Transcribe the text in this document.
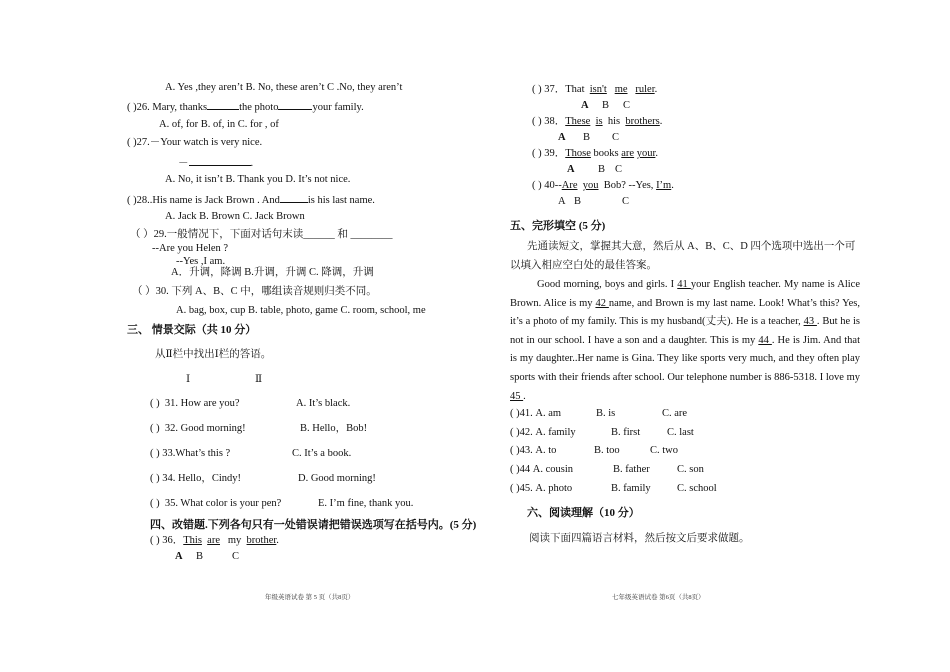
A. Yes ,they aren’t B. No, these aren’t C .No, they aren’t
( )26. Mary, thanks	the photo	your family.
A. of, for B. of, in C. for , of
( )27.－Your watch is very nice.
－	.
A. No, it isn’t B. Thank you D. It’s not nice.
( )28..His name is Jack Brown . And	is his last name.
A. Jack B. Brown C. Jack Brown
（ ）29.一般情况下，下面对话句末读______ 和 ________
--Are you Helen ?
--Yes ,I am.
A．升调，降调 B.升调，升调 C. 降调，升调
（ ）30. 下列 A、B、C 中，哪组读音规则归类不同。
A. bag, box, cup B. table, photo, game C. room, school, me
三、 情景交际（共 10 分）
从Ⅱ栏中找出Ⅰ栏的答语。
Ⅰ	Ⅱ
( ) 31. How are you?	A. It’s black.
( ) 32. Good morning!	B. Hello，Bob!
( ) 33.What’s this ?	C. It’s a book.
( ) 34. Hello，Cindy!	D. Good morning!
( ) 35. What color is your pen?	E. I’m fine, thank you.
四、改错题.下列各句只有一处错误请把错误选项写在括号内。(5 分)
( ) 36．This are my brother.
A B	C
年级英语试卷 第 5 页（共8页）
( ) 37．That isn't me ruler.
A B C
( ) 38．These is his brothers.
A B C
( ) 39．Those books are your.
A B C
( ) 40--Are you Bob? --Yes, I’m.
A B	C
五、完形填空 (5 分)
先通读短文，掌握其大意，然后从 A、B、C、D 四个选项中选出一个可
以填入相应空白处的最佳答案。
Good morning, boys and girls. I 41 your English teacher. My name is Alice Brown. Alice is my 42 name, and Brown is my last name. Look! What’s this? Yes, it’s a photo of my family. This is my husband(丈夫). He is a teacher, 43 . But he is not in our school. I have a son and a daughter. This is my 44 . He is Jim. And that is my daughter..Her name is Gina. They like sports very much, and they often play sports with their friends after school. Our telephone number is 886-5318. I love my 45 .
( )41. A. am	B. is	C. are
( )42. A. family	B. first	C. last
( )43. A. to	B. too	C. two
( )44 A. cousin	B. father	C. son
( )45. A. photo	B. family	C. school
六、阅读理解（10 分）
阅读下面四篇语言材料，然后按文后要求做题。
七年级英语试卷 第6页（共8页）
